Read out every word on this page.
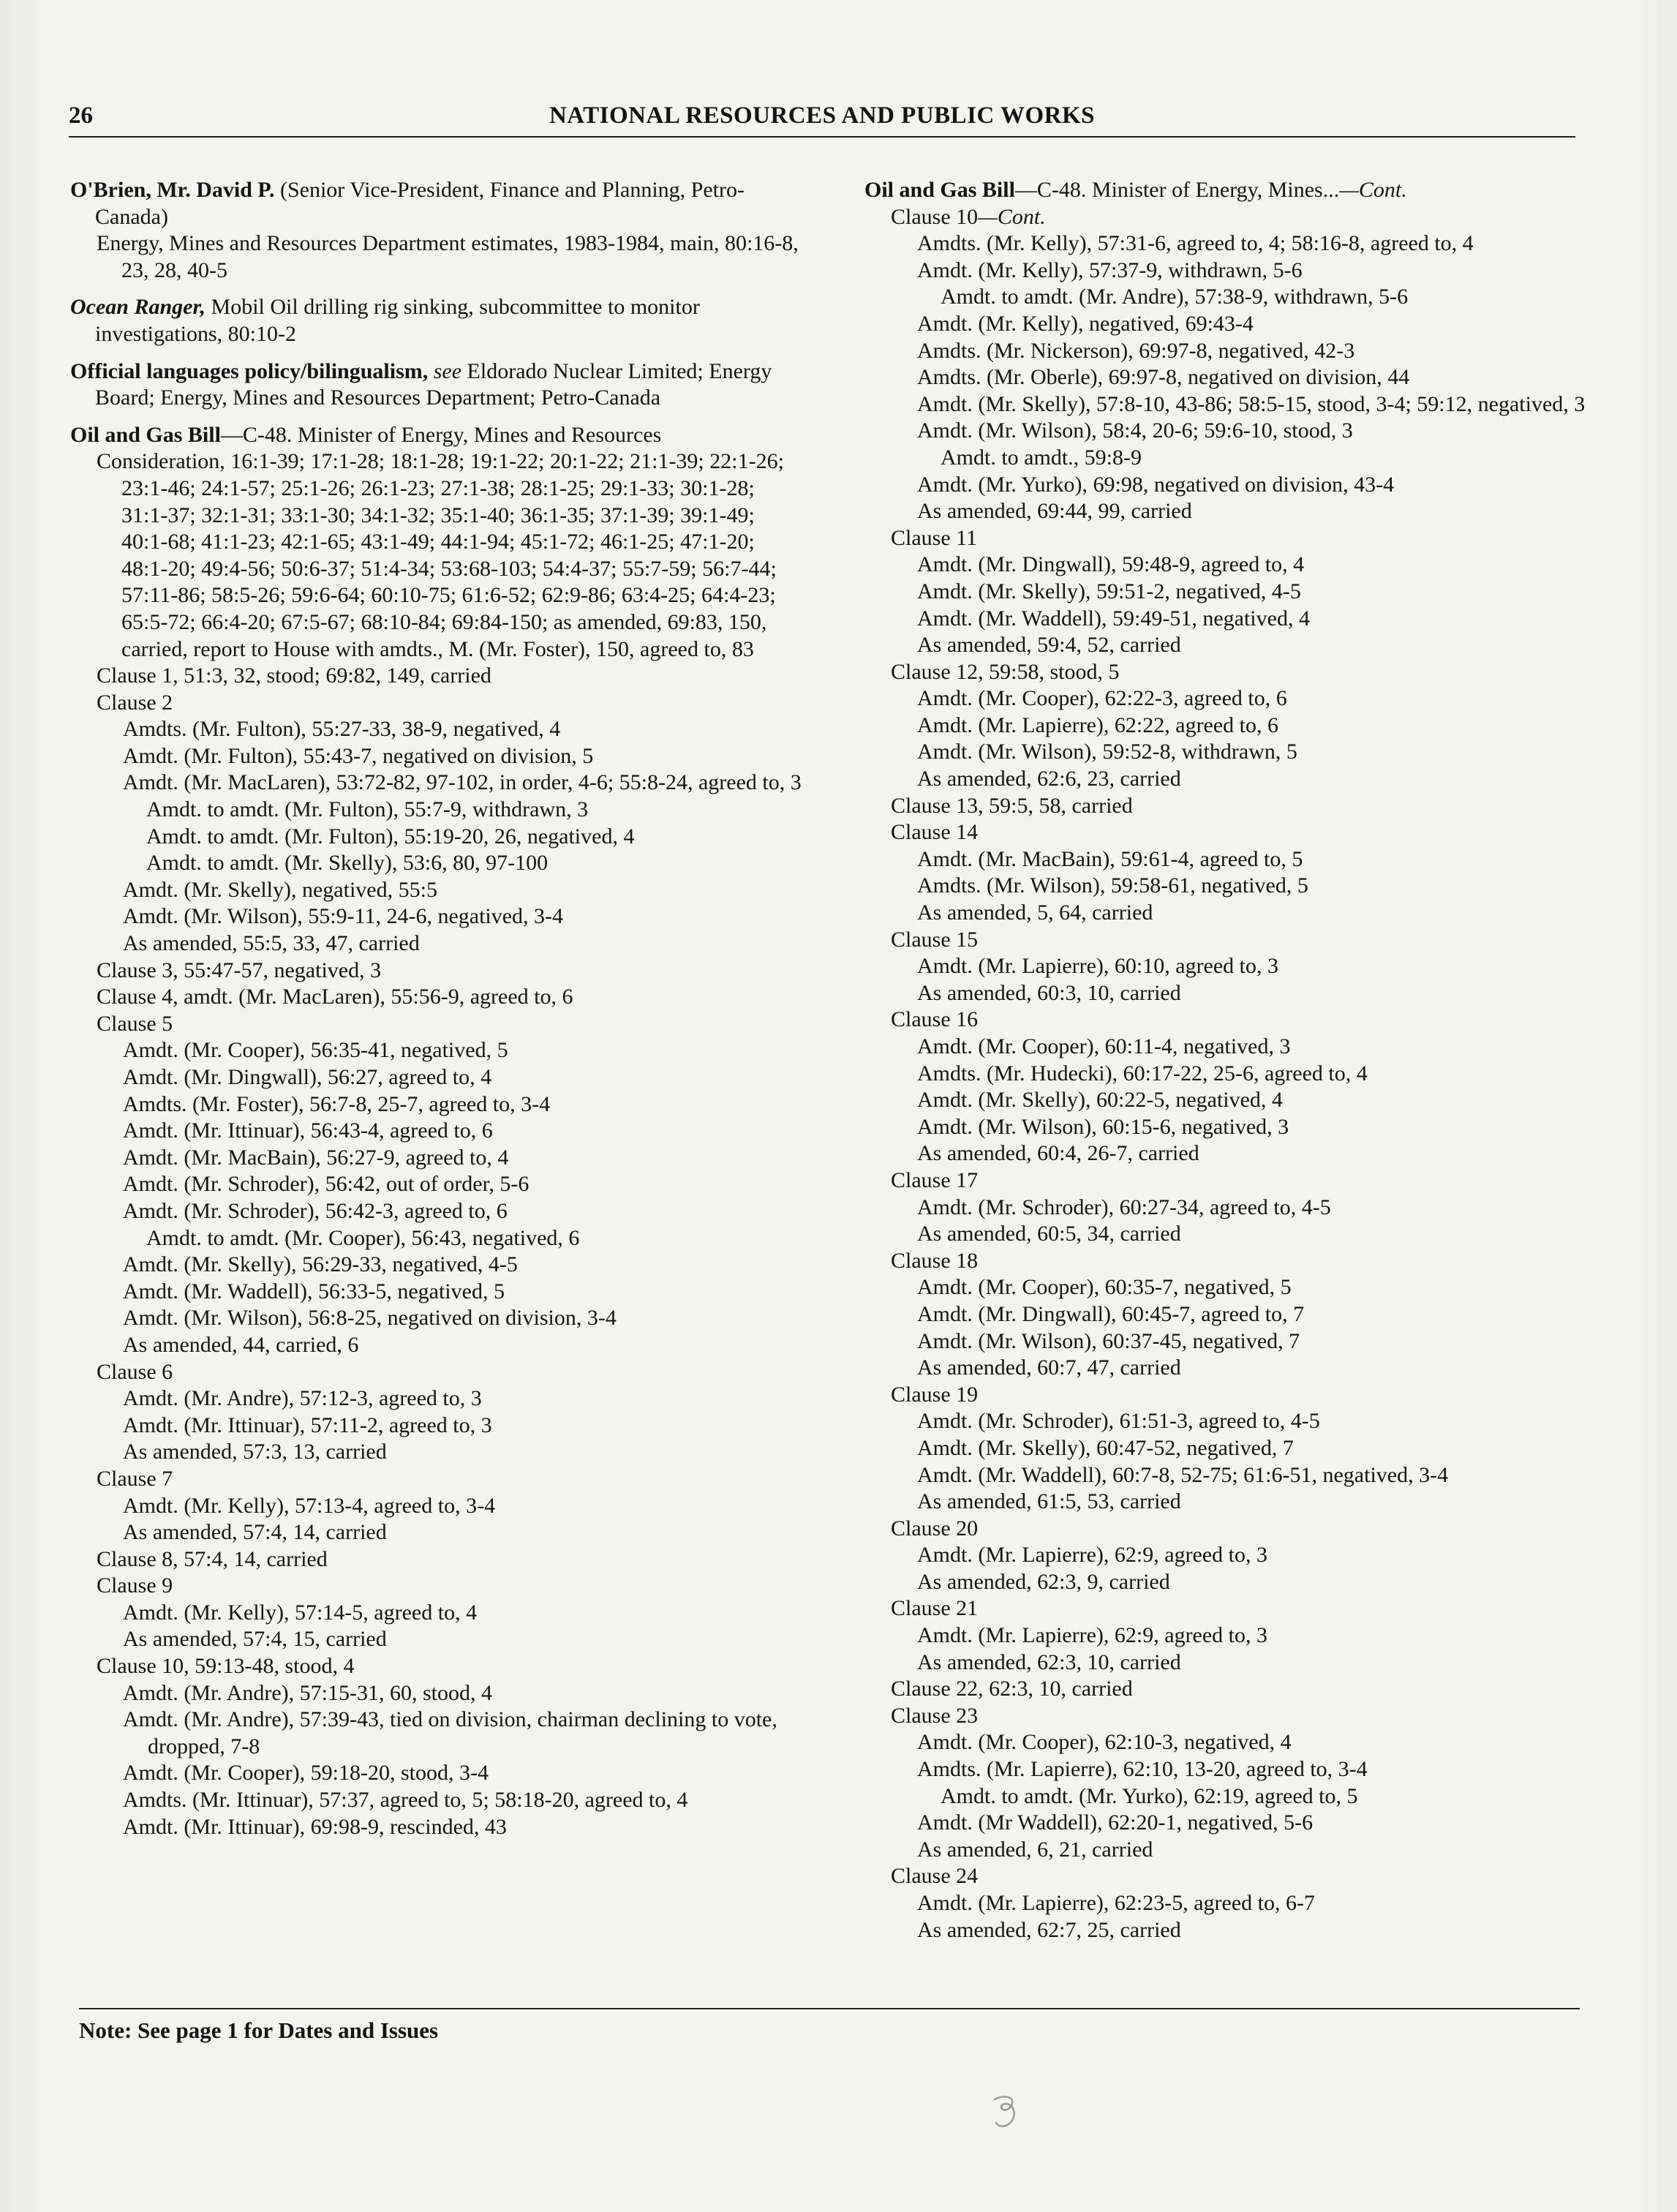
26	NATIONAL RESOURCES AND PUBLIC WORKS
O'Brien, Mr. David P. (Senior Vice-President, Finance and Planning, Petro-Canada)
Energy, Mines and Resources Department estimates, 1983-1984, main, 80:16-8, 23, 28, 40-5
Ocean Ranger, Mobil Oil drilling rig sinking, subcommittee to monitor investigations, 80:10-2
Official languages policy/bilingualism, see Eldorado Nuclear Limited; Energy Board; Energy, Mines and Resources Department; Petro-Canada
Oil and Gas Bill—C-48. Minister of Energy, Mines and Resources
Consideration, 16:1-39; 17:1-28; 18:1-28; 19:1-22; 20:1-22; 21:1-39; 22:1-26; 23:1-46; 24:1-57; 25:1-26; 26:1-23; 27:1-38; 28:1-25; 29:1-33; 30:1-28; 31:1-37; 32:1-31; 33:1-30; 34:1-32; 35:1-40; 36:1-35; 37:1-39; 39:1-49; 40:1-68; 41:1-23; 42:1-65; 43:1-49; 44:1-94; 45:1-72; 46:1-25; 47:1-20; 48:1-20; 49:4-56; 50:6-37; 51:4-34; 53:68-103; 54:4-37; 55:7-59; 56:7-44; 57:11-86; 58:5-26; 59:6-64; 60:10-75; 61:6-52; 62:9-86; 63:4-25; 64:4-23; 65:5-72; 66:4-20; 67:5-67; 68:10-84; 69:84-150; as amended, 69:83, 150, carried, report to House with amdts., M. (Mr. Foster), 150, agreed to, 83
Clause 1, 51:3, 32, stood; 69:82, 149, carried
Clause 2
Amdts. (Mr. Fulton), 55:27-33, 38-9, negatived, 4
Amdt. (Mr. Fulton), 55:43-7, negatived on division, 5
Amdt. (Mr. MacLaren), 53:72-82, 97-102, in order, 4-6; 55:8-24, agreed to, 3
Amdt. to amdt. (Mr. Fulton), 55:7-9, withdrawn, 3
Amdt. to amdt. (Mr. Fulton), 55:19-20, 26, negatived, 4
Amdt. to amdt. (Mr. Skelly), 53:6, 80, 97-100
Amdt. (Mr. Skelly), negatived, 55:5
Amdt. (Mr. Wilson), 55:9-11, 24-6, negatived, 3-4
As amended, 55:5, 33, 47, carried
Clause 3, 55:47-57, negatived, 3
Clause 4, amdt. (Mr. MacLaren), 55:56-9, agreed to, 6
Clause 5
Amdt. (Mr. Cooper), 56:35-41, negatived, 5
Amdt. (Mr. Dingwall), 56:27, agreed to, 4
Amdts. (Mr. Foster), 56:7-8, 25-7, agreed to, 3-4
Amdt. (Mr. Ittinuar), 56:43-4, agreed to, 6
Amdt. (Mr. MacBain), 56:27-9, agreed to, 4
Amdt. (Mr. Schroder), 56:42, out of order, 5-6
Amdt. (Mr. Schroder), 56:42-3, agreed to, 6
Amdt. to amdt. (Mr. Cooper), 56:43, negatived, 6
Amdt. (Mr. Skelly), 56:29-33, negatived, 4-5
Amdt. (Mr. Waddell), 56:33-5, negatived, 5
Amdt. (Mr. Wilson), 56:8-25, negatived on division, 3-4
As amended, 44, carried, 6
Clause 6
Amdt. (Mr. Andre), 57:12-3, agreed to, 3
Amdt. (Mr. Ittinuar), 57:11-2, agreed to, 3
As amended, 57:3, 13, carried
Clause 7
Amdt. (Mr. Kelly), 57:13-4, agreed to, 3-4
As amended, 57:4, 14, carried
Clause 8, 57:4, 14, carried
Clause 9
Amdt. (Mr. Kelly), 57:14-5, agreed to, 4
As amended, 57:4, 15, carried
Clause 10, 59:13-48, stood, 4
Amdt. (Mr. Andre), 57:15-31, 60, stood, 4
Amdt. (Mr. Andre), 57:39-43, tied on division, chairman declining to vote, dropped, 7-8
Amdt. (Mr. Cooper), 59:18-20, stood, 3-4
Amdts. (Mr. Ittinuar), 57:37, agreed to, 5; 58:18-20, agreed to, 4
Amdt. (Mr. Ittinuar), 69:98-9, rescinded, 43
Oil and Gas Bill—C-48. Minister of Energy, Mines...—Cont.
Clause 10—Cont.
Amdts. (Mr. Kelly), 57:31-6, agreed to, 4; 58:16-8, agreed to, 4
Amdt. (Mr. Kelly), 57:37-9, withdrawn, 5-6
Amdt. to amdt. (Mr. Andre), 57:38-9, withdrawn, 5-6
Amdt. (Mr. Kelly), negatived, 69:43-4
Amdts. (Mr. Nickerson), 69:97-8, negatived, 42-3
Amdts. (Mr. Oberle), 69:97-8, negatived on division, 44
Amdt. (Mr. Skelly), 57:8-10, 43-86; 58:5-15, stood, 3-4; 59:12, negatived, 3
Amdt. (Mr. Wilson), 58:4, 20-6; 59:6-10, stood, 3
Amdt. to amdt., 59:8-9
Amdt. (Mr. Yurko), 69:98, negatived on division, 43-4
As amended, 69:44, 99, carried
Clause 11
Amdt. (Mr. Dingwall), 59:48-9, agreed to, 4
Amdt. (Mr. Skelly), 59:51-2, negatived, 4-5
Amdt. (Mr. Waddell), 59:49-51, negatived, 4
As amended, 59:4, 52, carried
Clause 12, 59:58, stood, 5
Amdt. (Mr. Cooper), 62:22-3, agreed to, 6
Amdt. (Mr. Lapierre), 62:22, agreed to, 6
Amdt. (Mr. Wilson), 59:52-8, withdrawn, 5
As amended, 62:6, 23, carried
Clause 13, 59:5, 58, carried
Clause 14
Amdt. (Mr. MacBain), 59:61-4, agreed to, 5
Amdts. (Mr. Wilson), 59:58-61, negatived, 5
As amended, 5, 64, carried
Clause 15
Amdt. (Mr. Lapierre), 60:10, agreed to, 3
As amended, 60:3, 10, carried
Clause 16
Amdt. (Mr. Cooper), 60:11-4, negatived, 3
Amdts. (Mr. Hudecki), 60:17-22, 25-6, agreed to, 4
Amdt. (Mr. Skelly), 60:22-5, negatived, 4
Amdt. (Mr. Wilson), 60:15-6, negatived, 3
As amended, 60:4, 26-7, carried
Clause 17
Amdt. (Mr. Schroder), 60:27-34, agreed to, 4-5
As amended, 60:5, 34, carried
Clause 18
Amdt. (Mr. Cooper), 60:35-7, negatived, 5
Amdt. (Mr. Dingwall), 60:45-7, agreed to, 7
Amdt. (Mr. Wilson), 60:37-45, negatived, 7
As amended, 60:7, 47, carried
Clause 19
Amdt. (Mr. Schroder), 61:51-3, agreed to, 4-5
Amdt. (Mr. Skelly), 60:47-52, negatived, 7
Amdt. (Mr. Waddell), 60:7-8, 52-75; 61:6-51, negatived, 3-4
As amended, 61:5, 53, carried
Clause 20
Amdt. (Mr. Lapierre), 62:9, agreed to, 3
As amended, 62:3, 9, carried
Clause 21
Amdt. (Mr. Lapierre), 62:9, agreed to, 3
As amended, 62:3, 10, carried
Clause 22, 62:3, 10, carried
Clause 23
Amdt. (Mr. Cooper), 62:10-3, negatived, 4
Amdts. (Mr. Lapierre), 62:10, 13-20, agreed to, 3-4
Amdt. to amdt. (Mr. Yurko), 62:19, agreed to, 5
Amdt. (Mr Waddell), 62:20-1, negatived, 5-6
As amended, 6, 21, carried
Clause 24
Amdt. (Mr. Lapierre), 62:23-5, agreed to, 6-7
As amended, 62:7, 25, carried
Note: See page 1 for Dates and Issues
